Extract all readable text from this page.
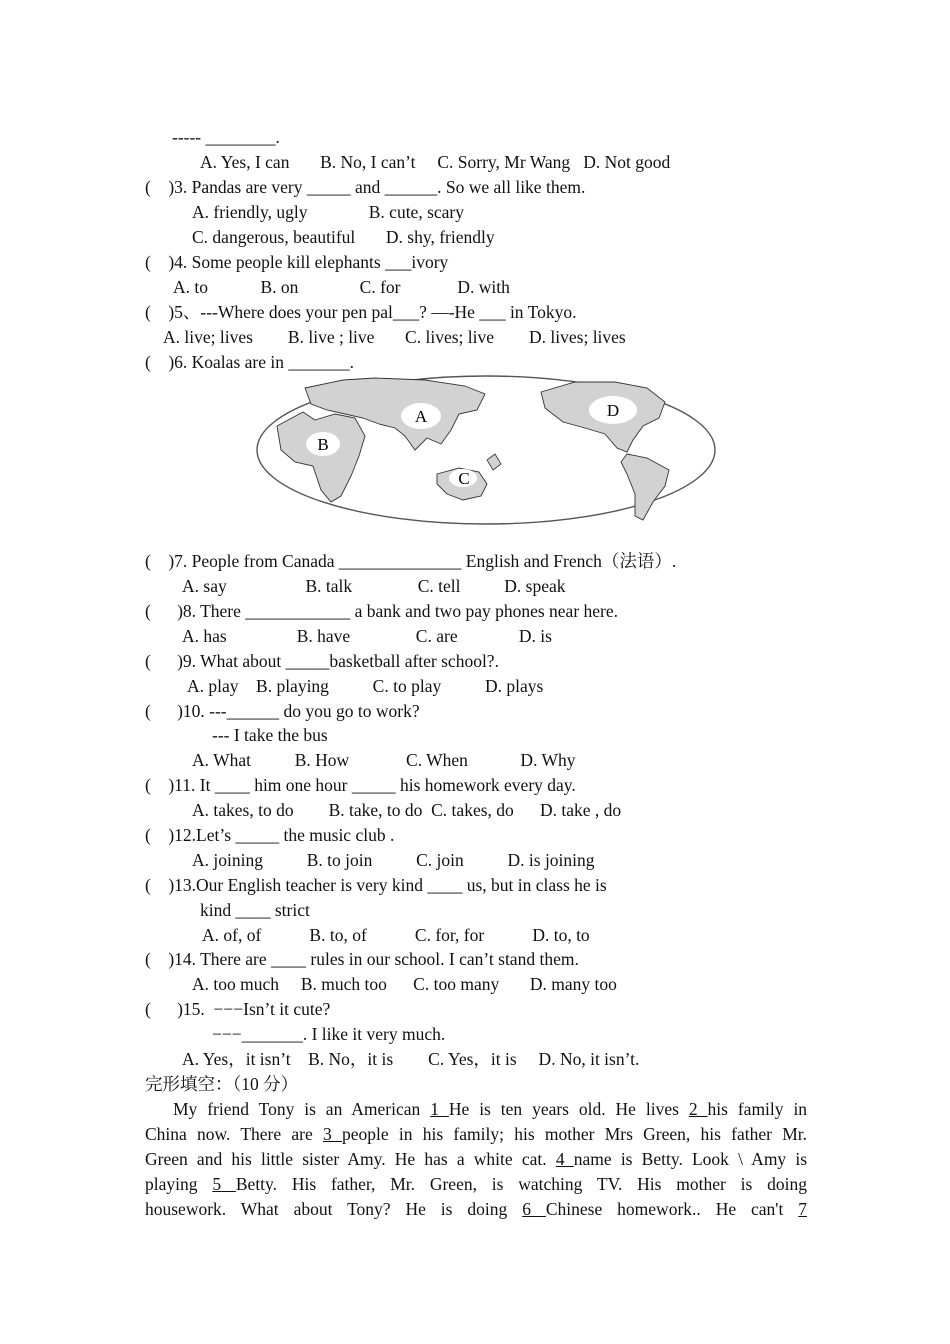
----- ________.
A. Yes, I can       B. No, I can’t     C. Sorry, Mr Wang   D. Not good
(    )3. Pandas are very _____ and ______. So we all like them.
A. friendly, ugly              B. cute, scary
C. dangerous, beautiful       D. shy, friendly
(    )4. Some people kill elephants ___ivory
A. to            B. on              C. for             D. with
(    )5、---Where does your pen pal___? —-He ___ in Tokyo.
A. live; lives        B. live ; live       C. lives; live        D. lives; lives
(    )6. Koalas are in _______.
A
B
C
D
(    )7. People from Canada ______________ English and French（法语）.
A. say                  B. talk               C. tell          D. speak
(      )8. There ____________ a bank and two pay phones near here.
A. has                B. have               C. are              D. is
(      )9. What about _____basketball after school?.
A. play    B. playing          C. to play          D. plays
(      )10. ---______ do you go to work?
--- I take the bus
A. What          B. How             C. When            D. Why
(    )11. It ____ him one hour _____ his homework every day.
A. takes, to do        B. take, to do  C. takes, do      D. take , do
(    )12.Let’s _____ the music club .
A. joining          B. to join          C. join          D. is joining
(    )13.Our English teacher is very kind ____ us, but in class he is
kind ____ strict
A. of, of           B. to, of           C. for, for           D. to, to
(    )14. There are ____ rules in our school. I can’t stand them.
A. too much     B. much too      C. too many       D. many too
(      )15.  −−−Isn’t it cute?
−−−_______. I like it very much.
A. Yes，it isn’t    B. No，it is        C. Yes，it is     D. No, it isn’t.
完形填空：（10 分）
My friend Tony is an American 1 He is ten years old. He lives 2 his family in
China now. There are 3 people in his family; his mother Mrs Green, his father Mr.
Green and his little sister Amy. He has a white cat. 4 name is Betty. Look \ Amy is
playing 5 Betty. His father, Mr. Green, is watching TV. His mother is doing
housework. What about Tony? He is doing 6 Chinese homework.. He can't 7
